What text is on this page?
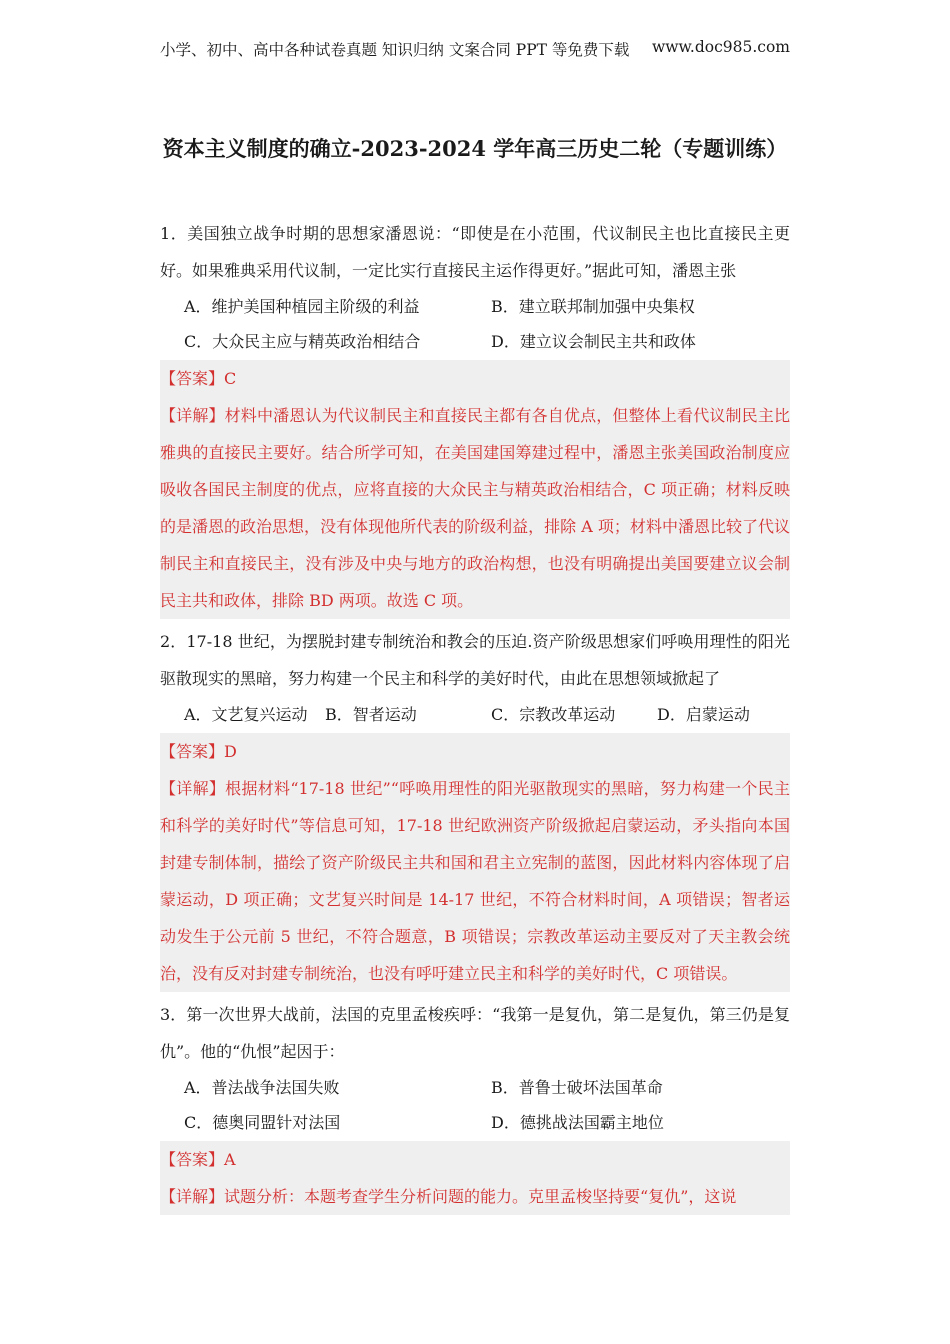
小学、初中、高中各种试卷真题 知识归纳 文案合同 PPT 等免费下载 www.doc985.com
资本主义制度的确立-2023-2024 学年高三历史二轮（专题训练）
1．美国独立战争时期的思想家潘恩说：“即使是在小范围，代议制民主也比直接民主更好。如果雅典采用代议制，一定比实行直接民主运作得更好。”据此可知，潘恩主张
A．维护美国种植园主阶级的利益	B．建立联邦制加强中央集权
C．大众民主应与精英政治相结合	D．建立议会制民主共和政体
【答案】C
【详解】材料中潘恩认为代议制民主和直接民主都有各自优点，但整体上看代议制民主比雅典的直接民主要好。结合所学可知，在美国建国筹建过程中，潘恩主张美国政治制度应吸收各国民主制度的优点，应将直接的大众民主与精英政治相结合，C 项正确；材料反映的是潘恩的政治思想，没有体现他所代表的阶级利益，排除 A 项；材料中潘恩比较了代议制民主和直接民主，没有涉及中央与地方的政治构想，也没有明确提出美国要建立议会制民主共和政体，排除 BD 两项。故选 C 项。
2．17-18 世纪，为摆脱封建专制统治和教会的压迫.资产阶级思想家们呼唤用理性的阳光驱散现实的黑暗，努力构建一个民主和科学的美好时代，由此在思想领域掀起了
A．文艺复兴运动	B．智者运动	C．宗教改革运动	D．启蒙运动
【答案】D
【详解】根据材料“17-18 世纪”“呼唤用理性的阳光驱散现实的黑暗，努力构建一个民主和科学的美好时代”等信息可知，17-18 世纪欧洲资产阶级掀起启蒙运动，矛头指向本国封建专制体制，描绘了资产阶级民主共和国和君主立宪制的蓝图，因此材料内容体现了启蒙运动，D 项正确；文艺复兴时间是 14-17 世纪，不符合材料时间，A 项错误；智者运动发生于公元前 5 世纪，不符合题意，B 项错误；宗教改革运动主要反对了天主教会统治，没有反对封建专制统治，也没有呼吁建立民主和科学的美好时代，C 项错误。
3．第一次世界大战前，法国的克里孟梭疾呼：“我第一是复仇，第二是复仇，第三仍是复仇”。他的“仇恨”起因于：
A．普法战争法国失败	B．普鲁士破坏法国革命
C．德奥同盟针对法国	D．德挑战法国霸主地位
【答案】A
【详解】试题分析：本题考查学生分析问题的能力。克里孟梭坚持要“复仇”，这说
